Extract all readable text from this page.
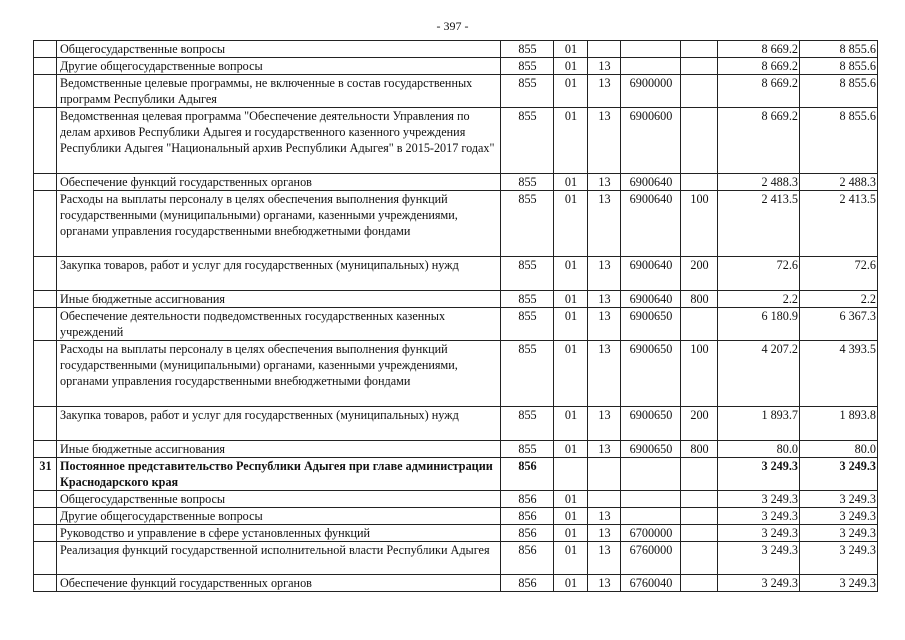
- 397 -
	Общегосударственные вопросы	855	01				8 669.2	8 855.6
	Другие общегосударственные вопросы	855	01	13			8 669.2	8 855.6
	Ведомственные целевые программы, не включенные в состав государственных программ Республики Адыгея	855	01	13	6900000		8 669.2	8 855.6
	Ведомственная целевая программа "Обеспечение деятельности Управления по делам архивов Республики Адыгея и государственного казенного учреждения Республики Адыгея "Национальный архив Республики Адыгея" в 2015-2017 годах"	855	01	13	6900600		8 669.2	8 855.6
	Обеспечение функций государственных органов	855	01	13	6900640		2 488.3	2 488.3
	Расходы на выплаты персоналу в целях обеспечения выполнения функций государственными (муниципальными) органами, казенными учреждениями, органами управления государственными внебюджетными фондами	855	01	13	6900640	100	2 413.5	2 413.5
	Закупка товаров, работ и услуг для государственных (муниципальных) нужд	855	01	13	6900640	200	72.6	72.6
	Иные бюджетные ассигнования	855	01	13	6900640	800	2.2	2.2
	Обеспечение деятельности подведомственных государственных казенных учреждений	855	01	13	6900650		6 180.9	6 367.3
	Расходы на выплаты персоналу в целях обеспечения выполнения функций государственными (муниципальными) органами, казенными учреждениями, органами управления государственными внебюджетными фондами	855	01	13	6900650	100	4 207.2	4 393.5
	Закупка товаров, работ и услуг для государственных (муниципальных) нужд	855	01	13	6900650	200	1 893.7	1 893.8
	Иные бюджетные ассигнования	855	01	13	6900650	800	80.0	80.0
31	Постоянное представительство Республики Адыгея при главе администрации Краснодарского края	856					3 249.3	3 249.3
	Общегосударственные вопросы	856	01				3 249.3	3 249.3
	Другие общегосударственные вопросы	856	01	13			3 249.3	3 249.3
	Руководство и управление в сфере установленных функций	856	01	13	6700000		3 249.3	3 249.3
	Реализация функций государственной исполнительной власти Республики Адыгея	856	01	13	6760000		3 249.3	3 249.3
	Обеспечение функций государственных органов	856	01	13	6760040		3 249.3	3 249.3
